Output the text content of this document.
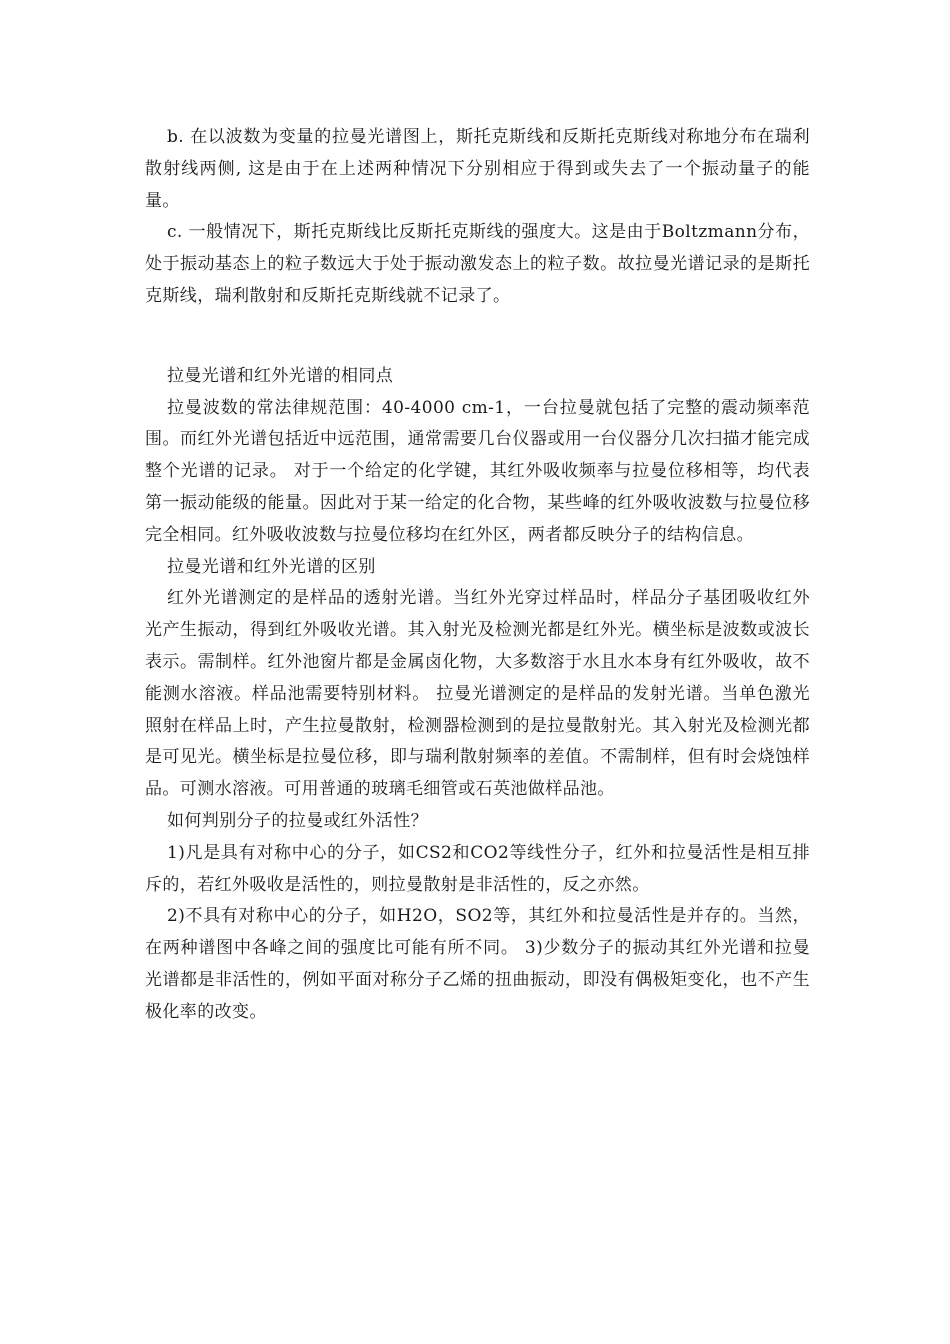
b. 在以波数为变量的拉曼光谱图上，斯托克斯线和反斯托克斯线对称地分布在瑞利散射线两侧, 这是由于在上述两种情况下分别相应于得到或失去了一个振动量子的能量。

c. 一般情况下，斯托克斯线比反斯托克斯线的强度大。这是由于Boltzmann分布，处于振动基态上的粒子数远大于处于振动激发态上的粒子数。故拉曼光谱记录的是斯托克斯线，瑞利散射和反斯托克斯线就不记录了。

拉曼光谱和红外光谱的相同点

拉曼波数的常法律规范围：40-4000 cm-1，一台拉曼就包括了完整的震动频率范围。而红外光谱包括近中远范围，通常需要几台仪器或用一台仪器分几次扫描才能完成整个光谱的记录。 对于一个给定的化学键，其红外吸收频率与拉曼位移相等，均代表第一振动能级的能量。因此对于某一给定的化合物，某些峰的红外吸收波数与拉曼位移完全相同。红外吸收波数与拉曼位移均在红外区，两者都反映分子的结构信息。

拉曼光谱和红外光谱的区别

红外光谱测定的是样品的透射光谱。当红外光穿过样品时，样品分子基团吸收红外光产生振动，得到红外吸收光谱。其入射光及检测光都是红外光。横坐标是波数或波长表示。需制样。红外池窗片都是金属卤化物，大多数溶于水且水本身有红外吸收，故不能测水溶液。样品池需要特别材料。 拉曼光谱测定的是样品的发射光谱。当单色激光照射在样品上时，产生拉曼散射，检测器检测到的是拉曼散射光。其入射光及检测光都是可见光。横坐标是拉曼位移，即与瑞利散射频率的差值。不需制样，但有时会烧蚀样品。可测水溶液。可用普通的玻璃毛细管或石英池做样品池。

如何判别分子的拉曼或红外活性？

1)凡是具有对称中心的分子，如CS2和CO2等线性分子，红外和拉曼活性是相互排斥的，若红外吸收是活性的，则拉曼散射是非活性的，反之亦然。

2)不具有对称中心的分子，如H2O，SO2等，其红外和拉曼活性是并存的。当然，在两种谱图中各峰之间的强度比可能有所不同。 3)少数分子的振动其红外光谱和拉曼光谱都是非活性的，例如平面对称分子乙烯的扭曲振动，即没有偶极矩变化，也不产生极化率的改变。
